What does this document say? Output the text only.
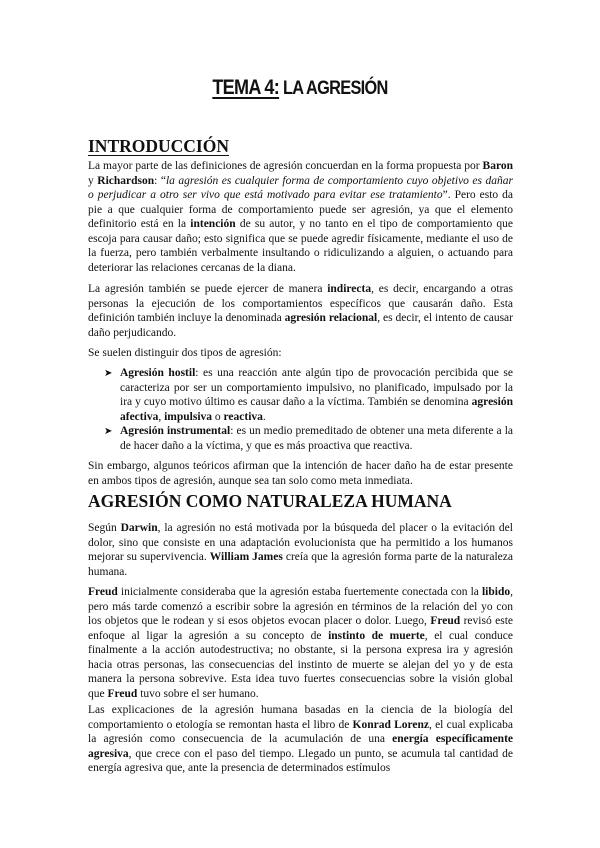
TEMA 4: LA AGRESIÓN
INTRODUCCIÓN
La mayor parte de las definiciones de agresión concuerdan en la forma propuesta por Baron y Richardson: “la agresión es cualquier forma de comportamiento cuyo objetivo es dañar o perjudicar a otro ser vivo que está motivado para evitar ese tratamiento”. Pero esto da pie a que cualquier forma de comportamiento puede ser agresión, ya que el elemento definitorio está en la intención de su autor, y no tanto en el tipo de comportamiento que escoja para causar daño; esto significa que se puede agredir físicamente, mediante el uso de la fuerza, pero también verbalmente insultando o ridiculizando a alguien, o actuando para deteriorar las relaciones cercanas de la diana.
La agresión también se puede ejercer de manera indirecta, es decir, encargando a otras personas la ejecución de los comportamientos específicos que causarán daño. Esta definición también incluye la denominada agresión relacional, es decir, el intento de causar daño perjudicando.
Se suelen distinguir dos tipos de agresión:
➤ Agresión hostil: es una reacción ante algún tipo de provocación percibida que se caracteriza por ser un comportamiento impulsivo, no planificado, impulsado por la ira y cuyo motivo último es causar daño a la víctima. También se denomina agresión afectiva, impulsiva o reactiva.
➤ Agresión instrumental: es un medio premeditado de obtener una meta diferente a la de hacer daño a la víctima, y que es más proactiva que reactiva.
Sin embargo, algunos teóricos afirman que la intención de hacer daño ha de estar presente en ambos tipos de agresión, aunque sea tan solo como meta inmediata.
AGRESIÓN COMO NATURALEZA HUMANA
Según Darwin, la agresión no está motivada por la búsqueda del placer o la evitación del dolor, sino que consiste en una adaptación evolucionista que ha permitido a los humanos mejorar su supervivencia. William James creía que la agresión forma parte de la naturaleza humana.
Freud inicialmente consideraba que la agresión estaba fuertemente conectada con la libido, pero más tarde comenzó a escribir sobre la agresión en términos de la relación del yo con los objetos que le rodean y si esos objetos evocan placer o dolor. Luego, Freud revisó este enfoque al ligar la agresión a su concepto de instinto de muerte, el cual conduce finalmente a la acción autodestructiva; no obstante, si la persona expresa ira y agresión hacia otras personas, las consecuencias del instinto de muerte se alejan del yo y de esta manera la persona sobrevive. Esta idea tuvo fuertes consecuencias sobre la visión global que Freud tuvo sobre el ser humano.
Las explicaciones de la agresión humana basadas en la ciencia de la biología del comportamiento o etología se remontan hasta el libro de Konrad Lorenz, el cual explicaba la agresión como consecuencia de la acumulación de una energía específicamente agresiva, que crece con el paso del tiempo. Llegado un punto, se acumula tal cantidad de energía agresiva que, ante la presencia de determinados estímulos
